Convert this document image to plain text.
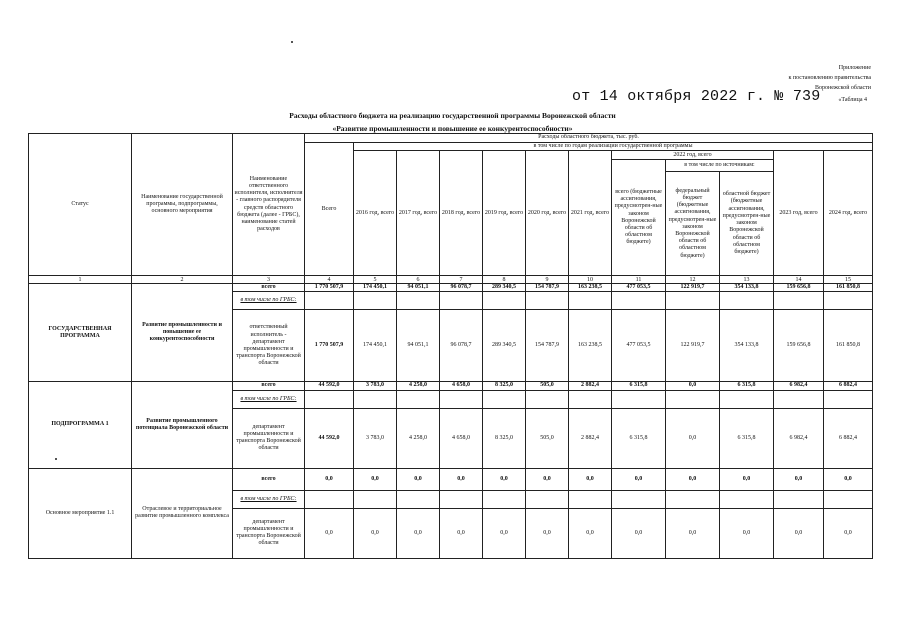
Приложение
к постановлению правительства
Воронежской области
от 14 октября 2022 г. № 739	«Таблица 4
Расходы областного бюджета на реализацию государственной программы Воронежской области
«Развитие промышленности и повышение ее конкурентоспособности»
Статус	Наименование государственной программы, подпрограммы, основного мероприятия	Наименование ответственного исполнителя, исполнителя - главного распорядителя средств областного бюджета (далее - ГРБС), наименование статей расходов	Расходы областного бюджета, тыс. руб.											
			Всего	в том числе по годам реализации государственной программы										
				2016 год, всего	2017 год, всего	2018 год, всего	2019 год, всего	2020 год, всего	2021 год, всего	2022 год, всего			2023 год, всего	2024 год, всего
										всего (бюджетные ассигнования, предусмотрен-ные законом Воронежской области об областном бюджете)	в том числе по источникам:			
											федеральный бюджет (бюджетные ассигнования, предусмотрен-ные законом Воронежской области об областном бюджете)	областной бюджет (бюджетные ассигнования, предусмотрен-ные законом Воронежской области об областном бюджете)		
1	2	3	4	5	6	7	8	9	10	11	12	13	14	15
ГОСУДАРСТВЕННАЯ ПРОГРАММА	Развитие промышленности и повышение ее конкурентоспособности	всего	1 770 507,9	174 450,1	94 051,1	96 078,7	289 340,5	154 787,9	163 238,5	477 053,5	122 919,7	354 133,8	159 656,8	161 850,8
		в том числе по ГРБС:												
		ответственный исполнитель - департамент промышленности и транспорта Воронежской области	1 770 507,9	174 450,1	94 051,1	96 078,7	289 340,5	154 787,9	163 238,5	477 053,5	122 919,7	354 133,8	159 656,8	161 850,8
ПОДПРОГРАММА 1	Развитие промышленного потенциала Воронежской области	всего	44 592,0	3 783,0	4 258,0	4 658,0	8 325,0	505,0	2 882,4	6 315,8	0,0	6 315,8	6 982,4	6 882,4
		в том числе по ГРБС:												
		департамент промышленности и транспорта Воронежской области	44 592,0	3 783,0	4 258,0	4 658,0	8 325,0	505,0	2 882,4	6 315,8	0,0	6 315,8	6 982,4	6 882,4
Основное мероприятие 1.1	Отраслевое и территориальное развитие промышленного комплекса	всего	0,0	0,0	0,0	0,0	0,0	0,0	0,0	0,0	0,0	0,0	0,0	0,0
		в том числе по ГРБС:												
		департамент промышленности и транспорта Воронежской области	0,0	0,0	0,0	0,0	0,0	0,0	0,0	0,0	0,0	0,0	0,0	0,0
